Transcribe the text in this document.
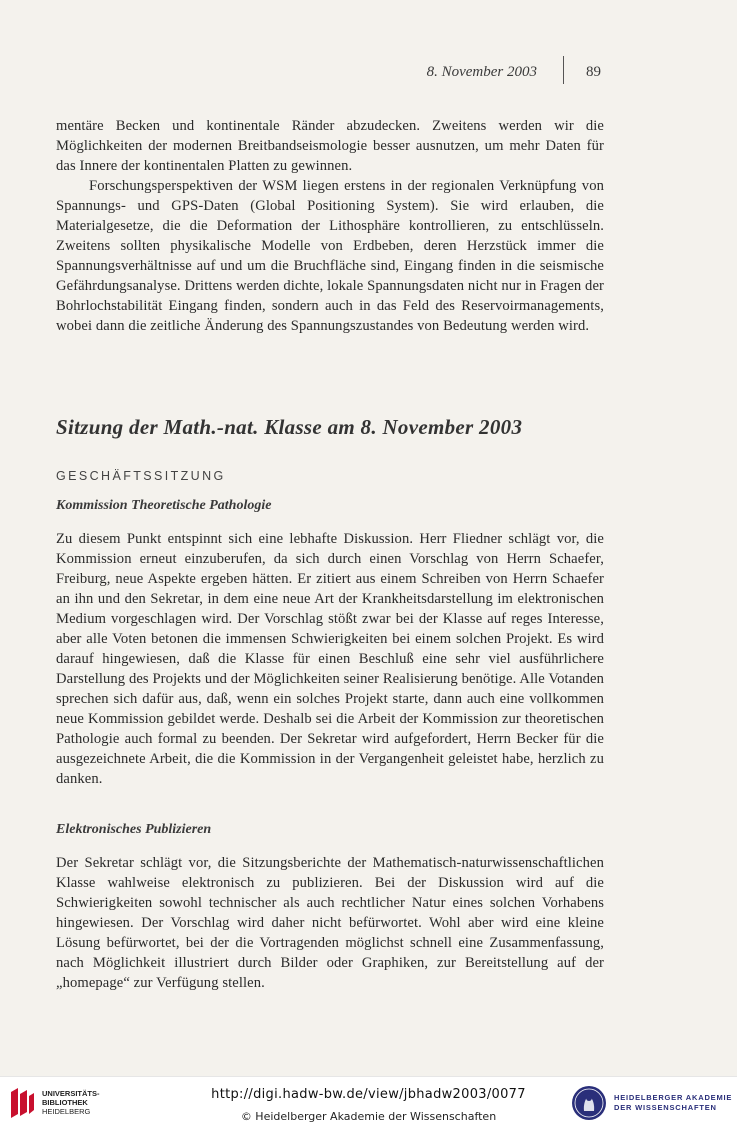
8. November 2003	89

mentäre Becken und kontinentale Ränder abzudecken. Zweitens werden wir die Möglichkeiten der modernen Breitbandseismologie besser ausnutzen, um mehr Daten für das Innere der kontinentalen Platten zu gewinnen.

Forschungsperspektiven der WSM liegen erstens in der regionalen Verknüpfung von Spannungs- und GPS-Daten (Global Positioning System). Sie wird erlauben, die Materialgesetze, die die Deformation der Lithosphäre kontrollieren, zu entschlüsseln. Zweitens sollten physikalische Modelle von Erdbeben, deren Herzstück immer die Spannungsverhältnisse auf und um die Bruchfläche sind, Eingang finden in die seismische Gefährdungsanalyse. Drittens werden dichte, lokale Spannungsdaten nicht nur in Fragen der Bohrlochstabilität Eingang finden, sondern auch in das Feld des Reservoirmanagements, wobei dann die zeitliche Änderung des Spannungszustandes von Bedeutung werden wird.

Sitzung der Math.-nat. Klasse am 8. November 2003
GESCHÄFTSSITZUNG
Kommission Theoretische Pathologie

Zu diesem Punkt entspinnt sich eine lebhafte Diskussion. Herr Fliedner schlägt vor, die Kommission erneut einzuberufen, da sich durch einen Vorschlag von Herrn Schaefer, Freiburg, neue Aspekte ergeben hätten. Er zitiert aus einem Schreiben von Herrn Schaefer an ihn und den Sekretar, in dem eine neue Art der Krankheitsdarstellung im elektronischen Medium vorgeschlagen wird. Der Vorschlag stößt zwar bei der Klasse auf reges Interesse, aber alle Voten betonen die immensen Schwierigkeiten bei einem solchen Projekt. Es wird darauf hingewiesen, daß die Klasse für einen Beschluß eine sehr viel ausführlichere Darstellung des Projekts und der Möglichkeiten seiner Realisierung benötige. Alle Votanden sprechen sich dafür aus, daß, wenn ein solches Projekt starte, dann auch eine vollkommen neue Kommission gebildet werde. Deshalb sei die Arbeit der Kommission zur theoretischen Pathologie auch formal zu beenden. Der Sekretar wird aufgefordert, Herrn Becker für die ausgezeichnete Arbeit, die die Kommission in der Vergangenheit geleistet habe, herzlich zu danken.

Elektronisches Publizieren

Der Sekretar schlägt vor, die Sitzungsberichte der Mathematisch-naturwissenschaftlichen Klasse wahlweise elektronisch zu publizieren. Bei der Diskussion wird auf die Schwierigkeiten sowohl technischer als auch rechtlicher Natur eines solchen Vorhabens hingewiesen. Der Vorschlag wird daher nicht befürwortet. Wohl aber wird eine kleine Lösung befürwortet, bei der die Vortragenden möglichst schnell eine Zusammenfassung, nach Möglichkeit illustriert durch Bilder oder Graphiken, zur Bereitstellung auf der „homepage“ zur Verfügung stellen.

UNIVERSITÄTS-
BIBLIOTHEK
HEIDELBERG
http://digi.hadw-bw.de/view/jbhadw2003/0077
© Heidelberger Akademie der Wissenschaften
HEIDELBERGER AKADEMIE
DER WISSENSCHAFTEN
